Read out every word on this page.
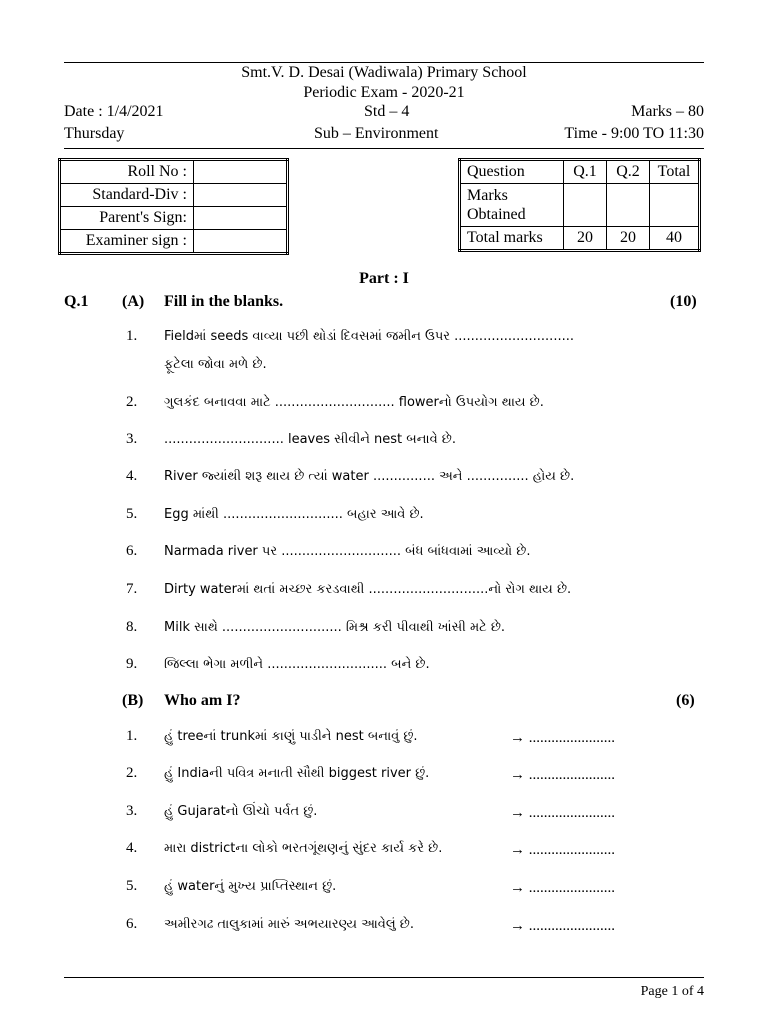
Smt.V. D. Desai (Wadiwala) Primary School
Periodic Exam - 2020-21
Date : 1/4/2021	Std – 4	Marks – 80
Thursday	Sub – Environment	Time - 9:00 TO 11:30
Roll No :	
Standard-Div :	
Parent's Sign:	
Examiner sign :	
Question	Q.1	Q.2	Total
Marks
Obtained			
Total marks	20	20	40
Part : I
Q.1 (A) Fill in the blanks.	(10)
1. Fieldમાં seeds વાવ્યા પછી થોડાં દિવસમાં જમીન ઉપર .............................
ફૂટેલા જોવા મળે છે.
2. ગુલકંદ બનાવવા માટે ............................. flowerનો ઉપયોગ થાય છે.
3. ............................. leaves સીવીને nest બનાવે છે.
4. River જ્યાંથી શરૂ થાય છે ત્યાં water ............... અને ............... હોય છે.
5. Egg માંથી ............................. બહાર આવે છે.
6. Narmada river પર ............................. બંધ બાંધવામાં આવ્યો છે.
7. Dirty waterમાં થતાં મચ્છર કરડવાથી .............................નો રોગ થાય છે.
8. Milk સાથે ............................. મિશ્ર કરી પીવાથી ખાંસી મટે છે.
9. જિલ્લા ભેગા મળીને ............................. બને છે.
(B) Who am I?	(6)
1. હું treeનાં trunkમાં કાણું પાડીને nest બનાવું છું.	→ .......................
2. હું Indiaની પવિત્ર મનાતી સૌથી biggest river છું.	→ .......................
3. હું Gujaratનો ઊંચો પર્વત છું.	→ .......................
4. મારા districtના લોકો ભરતગૂંથણનું સુંદર કાર્ય કરે છે.	→ .......................
5. હું waterનું મુખ્ય પ્રાપ્તિસ્થાન છું.	→ .......................
6. અમીરગઢ તાલુકામાં મારું અભયારણ્ય આવેલું છે.	→ .......................
Page 1 of 4
